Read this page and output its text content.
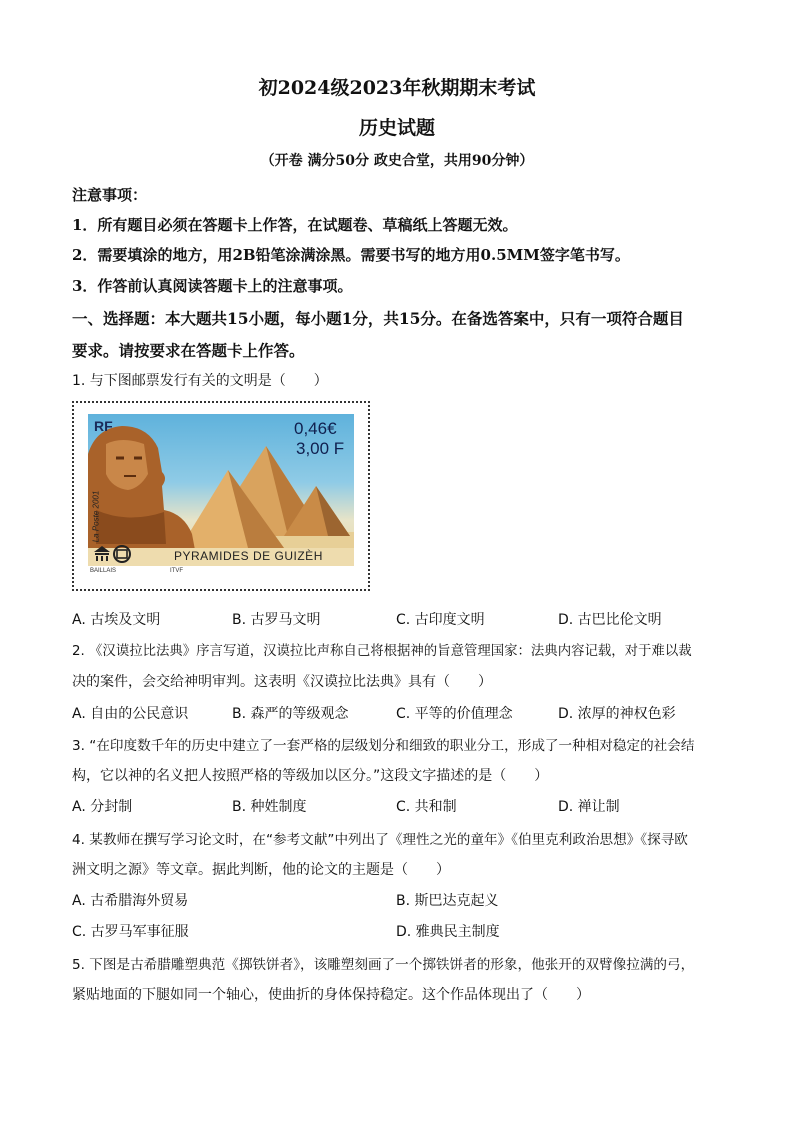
初2024级2023年秋期期末考试
历史试题
（开卷 满分50分 政史合堂，共用90分钟）
注意事项：
1．所有题目必须在答题卡上作答，在试题卷、草稿纸上答题无效。
2．需要填涂的地方，用2B铅笔涂满涂黑。需要书写的地方用0.5MM签字笔书写。
3．作答前认真阅读答题卡上的注意事项。
一、选择题：本大题共15小题，每小题1分，共15分。在备选答案中，只有一项符合题目
要求。请按要求在答题卡上作答。
1. 与下图邮票发行有关的文明是（　　）
RF	0,46€
3,00 F
La Poste 2001
PYRAMIDES DE GUIZÈH
BAILLAIS	ITVF
A. 古埃及文明	B. 古罗马文明	C. 古印度文明	D. 古巴比伦文明
2. 《汉谟拉比法典》序言写道，汉谟拉比声称自己将根据神的旨意管理国家：法典内容记载，对于难以裁
决的案件，会交给神明审判。这表明《汉谟拉比法典》具有（　　）
A. 自由的公民意识	B. 森严的等级观念	C. 平等的价值理念	D. 浓厚的神权色彩
3. “在印度数千年的历史中建立了一套严格的层级划分和细致的职业分工，形成了一种相对稳定的社会结
构，它以神的名义把人按照严格的等级加以区分。”这段文字描述的是（　　）
A. 分封制	B. 种姓制度	C. 共和制	D. 禅让制
4. 某教师在撰写学习论文时，在“参考文献”中列出了《理性之光的童年》《伯里克利政治思想》《探寻欧
洲文明之源》等文章。据此判断，他的论文的主题是（　　）
A. 古希腊海外贸易	B. 斯巴达克起义
C. 古罗马军事征服	D. 雅典民主制度
5. 下图是古希腊雕塑典范《掷铁饼者》，该雕塑刻画了一个掷铁饼者的形象，他张开的双臂像拉满的弓，
紧贴地面的下腿如同一个轴心，使曲折的身体保持稳定。这个作品体现出了（　　）
